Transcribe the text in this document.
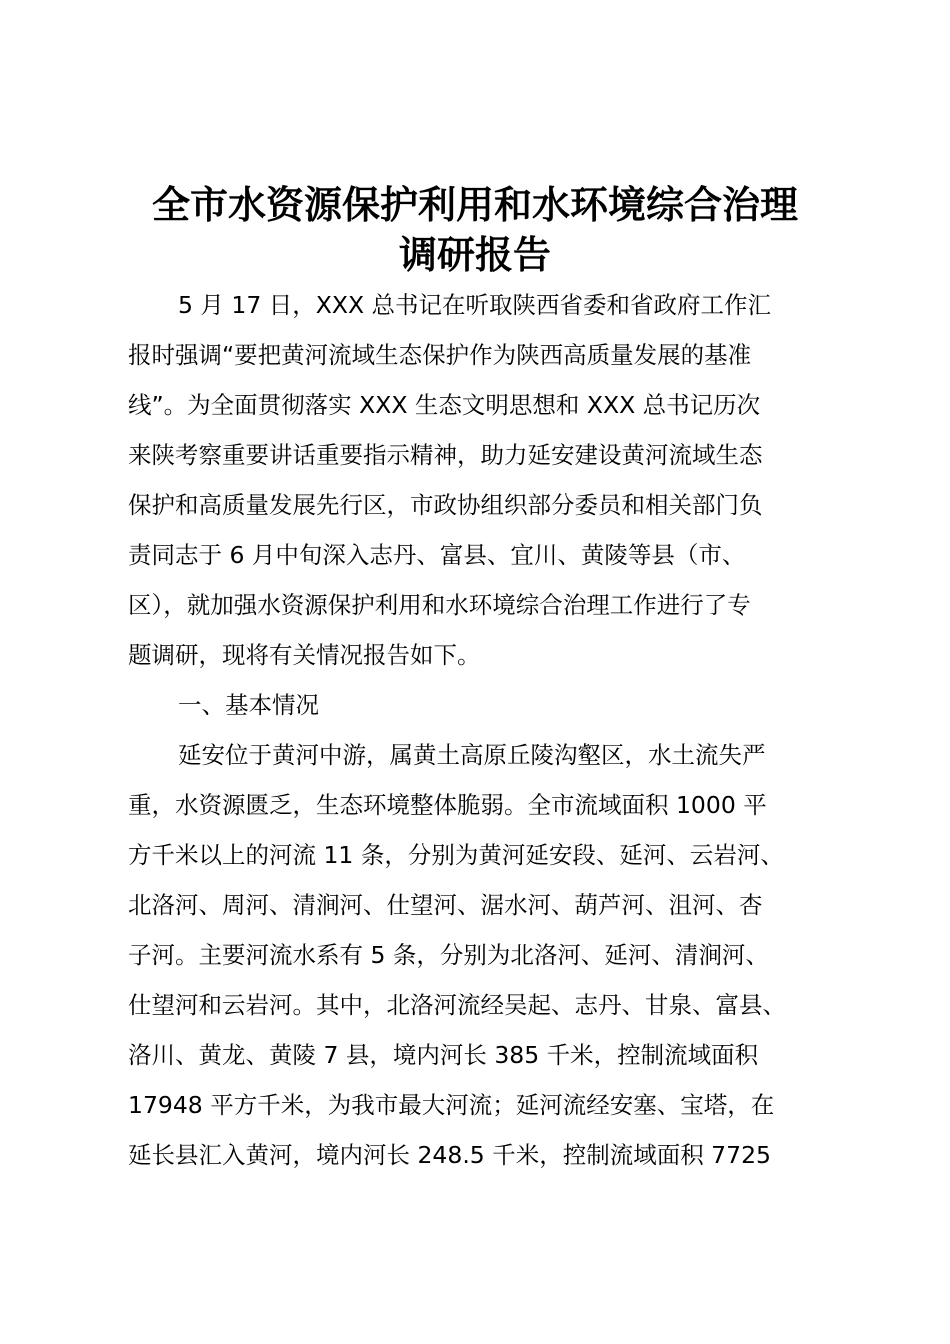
全市水资源保护利用和水环境综合治理
调研报告
5 月 17 日，XXX 总书记在听取陕西省委和省政府工作汇
报时强调“要把黄河流域生态保护作为陕西高质量发展的基准
线”。为全面贯彻落实 XXX 生态文明思想和 XXX 总书记历次
来陕考察重要讲话重要指示精神，助力延安建设黄河流域生态
保护和高质量发展先行区，市政协组织部分委员和相关部门负
责同志于 6 月中旬深入志丹、富县、宜川、黄陵等县（市、
区），就加强水资源保护利用和水环境综合治理工作进行了专
题调研，现将有关情况报告如下。
一、基本情况
延安位于黄河中游，属黄土高原丘陵沟壑区，水土流失严
重，水资源匮乏，生态环境整体脆弱。全市流域面积 1000 平
方千米以上的河流 11 条，分别为黄河延安段、延河、云岩河、
北洛河、周河、清涧河、仕望河、涺水河、葫芦河、沮河、杏
子河。主要河流水系有 5 条，分别为北洛河、延河、清涧河、
仕望河和云岩河。其中，北洛河流经吴起、志丹、甘泉、富县、
洛川、黄龙、黄陵 7 县，境内河长 385 千米，控制流域面积
17948 平方千米，为我市最大河流；延河流经安塞、宝塔，在
延长县汇入黄河，境内河长 248.5 千米，控制流域面积 7725
